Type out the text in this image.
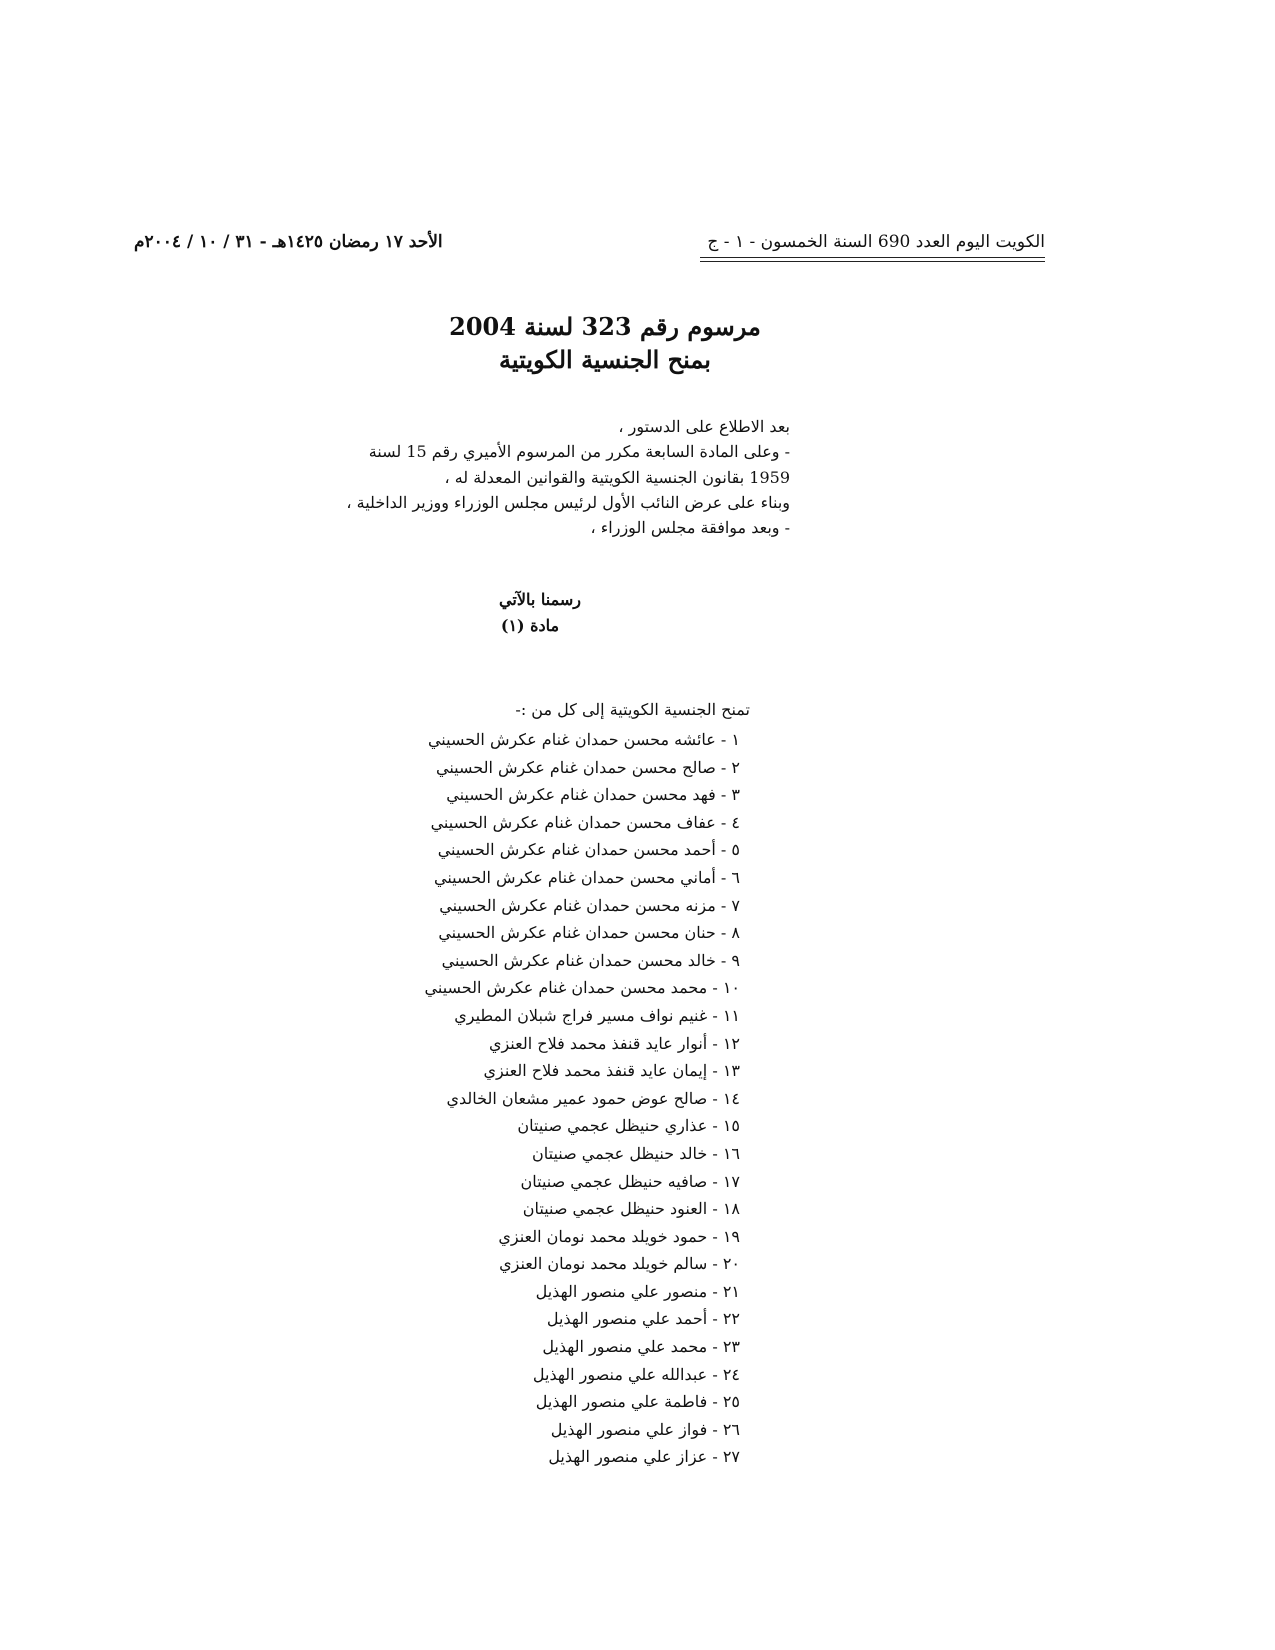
الكويت اليوم العدد 690 السنة الخمسون - ١ - ج
الأحد ١٧ رمضان ١٤٢٥هـ - ٣١ / ١٠ / ٢٠٠٤م
مرسوم رقم 323 لسنة 2004
بمنح الجنسية الكويتية

بعد الاطلاع على الدستور ،

- وعلى المادة السابعة مكرر من المرسوم الأميري رقم 15 لسنة 1959 بقانون الجنسية الكويتية والقوانين المعدلة له ،

وبناء على عرض النائب الأول لرئيس مجلس الوزراء ووزير الداخلية ،

- وبعد موافقة مجلس الوزراء ،

رسمنا بالآتي
مادة (١)
تمنح الجنسية الكويتية إلى كل من :-
١ - عائشه محسن حمدان غنام عكرش الحسيني
٢ - صالح محسن حمدان غنام عكرش الحسيني
٣ - فهد محسن حمدان غنام عكرش الحسيني
٤ - عفاف محسن حمدان غنام عكرش الحسيني
٥ - أحمد محسن حمدان غنام عكرش الحسيني
٦ - أماني محسن حمدان غنام عكرش الحسيني
٧ - مزنه محسن حمدان غنام عكرش الحسيني
٨ - حنان محسن حمدان غنام عكرش الحسيني
٩ - خالد محسن حمدان غنام عكرش الحسيني
١٠ - محمد محسن حمدان غنام عكرش الحسيني
١١ - غنيم نواف مسير فراج شبلان المطيري
١٢ - أنوار عايد قنفذ محمد فلاح العنزي
١٣ - إيمان عايد قنفذ محمد فلاح العنزي
١٤ - صالح عوض حمود عمير مشعان الخالدي
١٥ - عذاري حنيظل عجمي صنيتان
١٦ - خالد حنيظل عجمي صنيتان
١٧ - صافيه حنيظل عجمي صنيتان
١٨ - العنود حنيظل عجمي صنيتان
١٩ - حمود خويلد محمد نومان العنزي
٢٠ - سالم خويلد محمد نومان العنزي
٢١ - منصور علي منصور الهذيل
٢٢ - أحمد علي منصور الهذيل
٢٣ - محمد علي منصور الهذيل
٢٤ - عبدالله علي منصور الهذيل
٢٥ - فاطمة علي منصور الهذيل
٢٦ - فواز علي منصور الهذيل
٢٧ - عزاز علي منصور الهذيل
